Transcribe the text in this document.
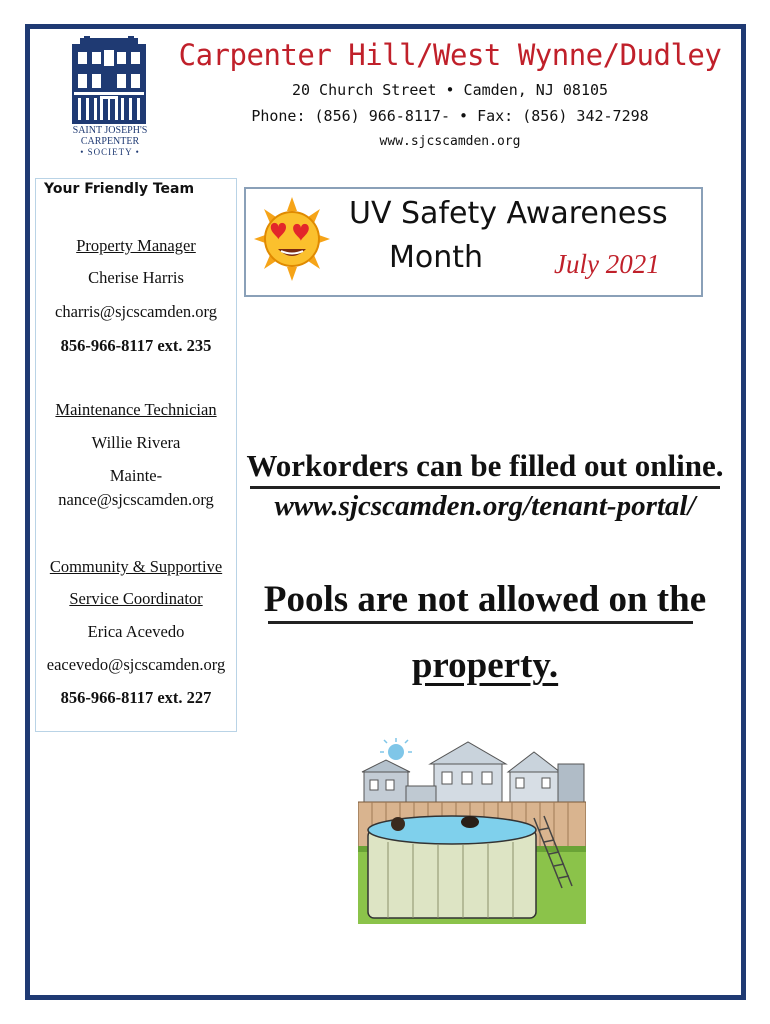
SAINT JOSEPH'S
CARPENTER
• SOCIETY •
Carpenter Hill/West Wynne/Dudley
20 Church Street • Camden, NJ 08105
Phone: (856) 966-8117- • Fax: (856) 342-7298
www.sjcscamden.org
Your Friendly Team
Property Manager
Cherise Harris
charris@sjcscamden.org
856-966-8117 ext. 235
Maintenance Technician
Willie Rivera
Mainte-
nance@sjcscamden.org
Community & Supportive
Service Coordinator
Erica Acevedo
eacevedo@sjcscamden.org
856-966-8117 ext. 227
UV Safety Awareness
Month	July 2021
Workorders can be filled out online.
www.sjcscamden.org/tenant-portal/
Pools are not allowed on the
property.
